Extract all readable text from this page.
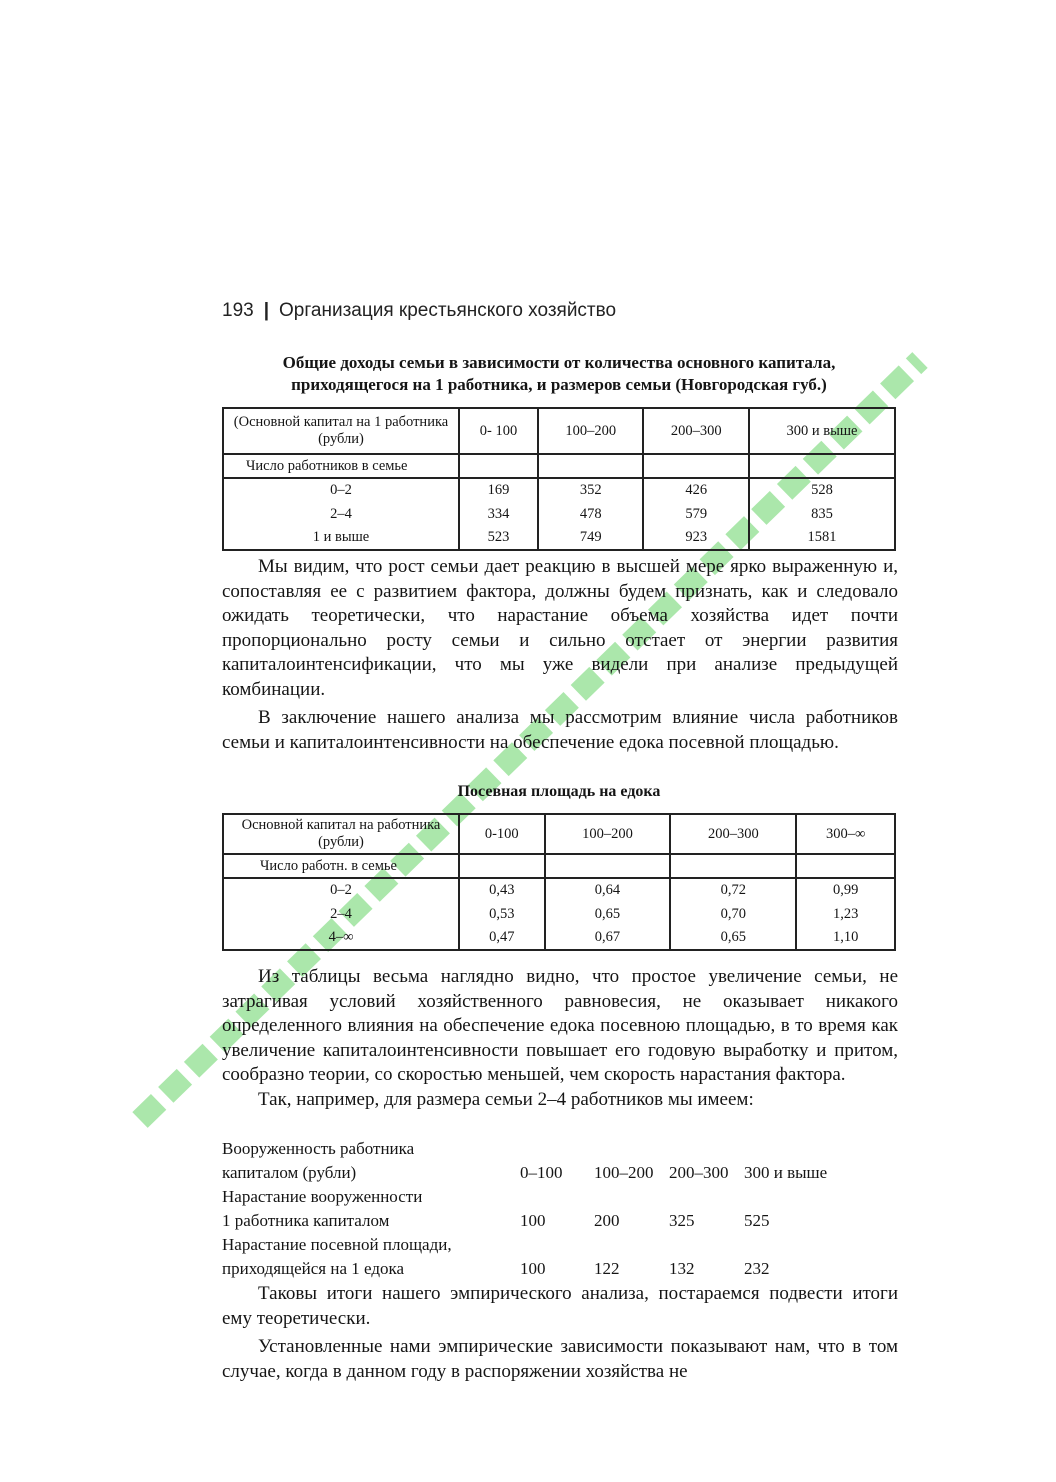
193 | Организация крестьянского хозяйство
Общие доходы семьи в зависимости от количества основного капитала,
приходящегося на 1 работника, и размеров семьи (Новгородская губ.)
(Основной капитал на 1 работника (рубли)	0- 100	100–200	200–300	300 и выше
Число работников в семье				
0–2	169	352	426	528
2–4	334	478	579	835
1 и выше	523	749	923	1581

Мы видим, что рост семьи дает реакцию в высшей мере ярко выраженную и, сопоставляя ее с развитием фактора, должны будем признать, как и следовало ожидать теоретически, что нарастание объема хозяйства идет почти пропорционально росту семьи и сильно отстает от энергии развития капиталоинтенсификации, что мы уже видели при анализе предыдущей комбинации.

В заключение нашего анализа мы рассмотрим влияние числа работников семьи и капиталоинтенсивности на обеспечение едока посевной площадью.

Посевная площадь на едока
Основной капитал на работника (рубли)	0-100	100–200	200–300	300–∞
Число работн. в семье				
0–2	0,43	0,64	0,72	0,99
2–4	0,53	0,65	0,70	1,23
4–∞	0,47	0,67	0,65	1,10

Из таблицы весьма наглядно видно, что простое увеличение семьи, не затрагивая условий хозяйственного равновесия, не оказывает никакого определенного влияния на обеспечение едока посевною площадью, в то время как увеличение капиталоинтенсивности повышает его годовую выработку и притом, сообразно теории, со скоростью меньшей, чем скорость нарастания фактора.

Так, например, для размера семьи 2–4 работников мы имеем:

Вооруженность работника
капиталом (рубли)	0–100 100–200 200–300 300 и выше
Нарастание вооруженности
1 работника капиталом	100	200	325	525
Нарастание посевной площади,
приходящейся на 1 едока	100	122	132	232

Таковы итоги нашего эмпирического анализа, постараемся подвести итоги ему теоретически.

Установленные нами эмпирические зависимости показывают нам, что в том случае, когда в данном году в распоряжении хозяйства не
